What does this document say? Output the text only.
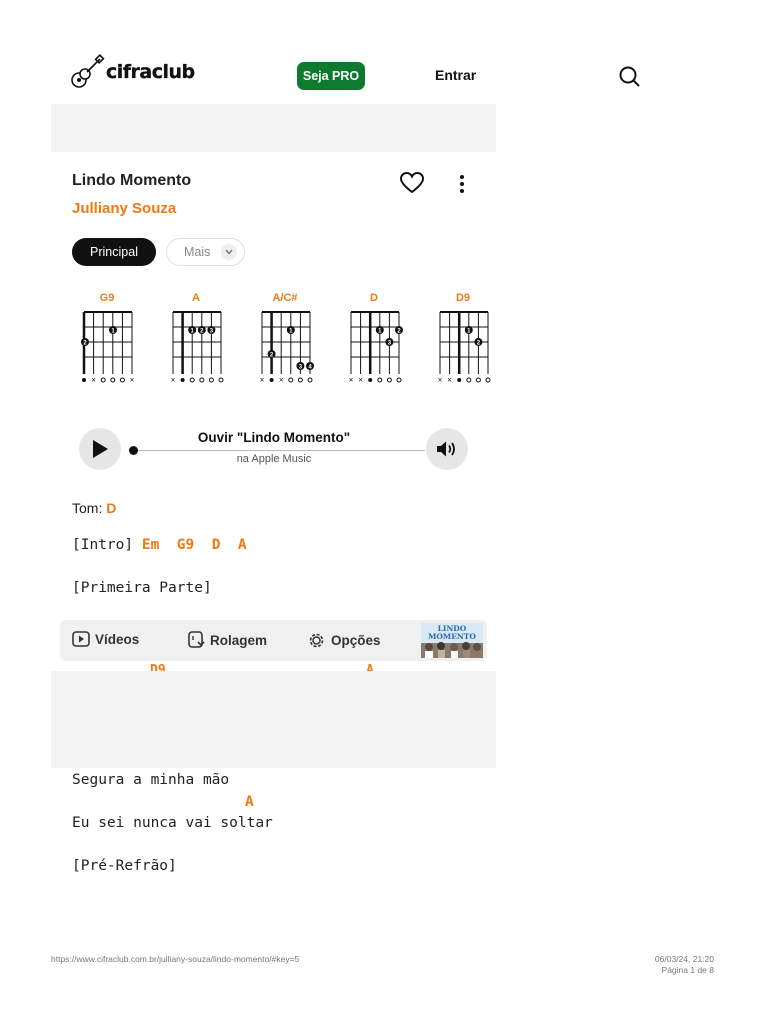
cifraclub	Seja PRO	Entrar
Lindo Momento
Julliany Souza
Principal	Mais
G9
1
2
×	×
A
1 2 3
×
A/C#
1
2
3 4
× ×
D
1	2
3
× ×
D9
1
2
× ×
Ouvir "Lindo Momento"
na Apple Music
Tom: D
[Intro] Em G9 D A
[Primeira Parte]
Vídeos	Rolagem	Opções
LINDO MOMENTO
Segura a minha mão
A
Eu sei nunca vai soltar
[Pré-Refrão]
https://www.cifraclub.com.br/julliany-souza/lindo-momento/#key=5	06/03/24, 21:20
Página 1 de 8
